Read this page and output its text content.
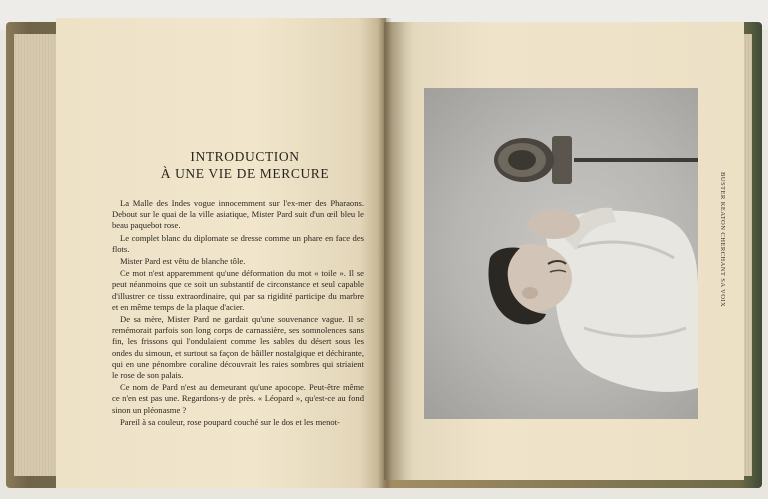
INTRODUCTION
À UNE VIE DE MERCURE

La Malle des Indes vogue innocemment sur l'ex-mer des Pharaons. Debout sur le quai de la ville asiatique, Mister Pard suit d'un œil bleu le beau paquebot rose.

Le complet blanc du diplomate se dresse comme un phare en face des flots.

Mister Pard est vêtu de blanche tôle.

Ce mot n'est apparemment qu'une déformation du mot « toile ». Il se peut néanmoins que ce soit un substantif de circonstance et seul capable d'illustrer ce tissu extraordinaire, qui par sa rigidité participe du marbre et en même temps de la plaque d'acier.

De sa mère, Mister Pard ne gardait qu'une souvenance vague. Il se remémorait parfois son long corps de carnassière, ses somnolences sans fin, les frissons qui l'ondulaient comme les sables du désert sous les ondes du simoun, et surtout sa façon de bâiller nostalgique et déchirante, qui en une pénombre coraline découvrait les raies sombres qui striaient le rose de son palais.

Ce nom de Pard n'est au demeurant qu'une apocope. Peut-être même ce n'en est pas une. Regardons-y de près. « Léopard », qu'est-ce au fond sinon un pléonasme ?

Pareil à sa couleur, rose poupard couché sur le dos et les menot-

BUSTER KEATON CHERCHANT SA VOIX
